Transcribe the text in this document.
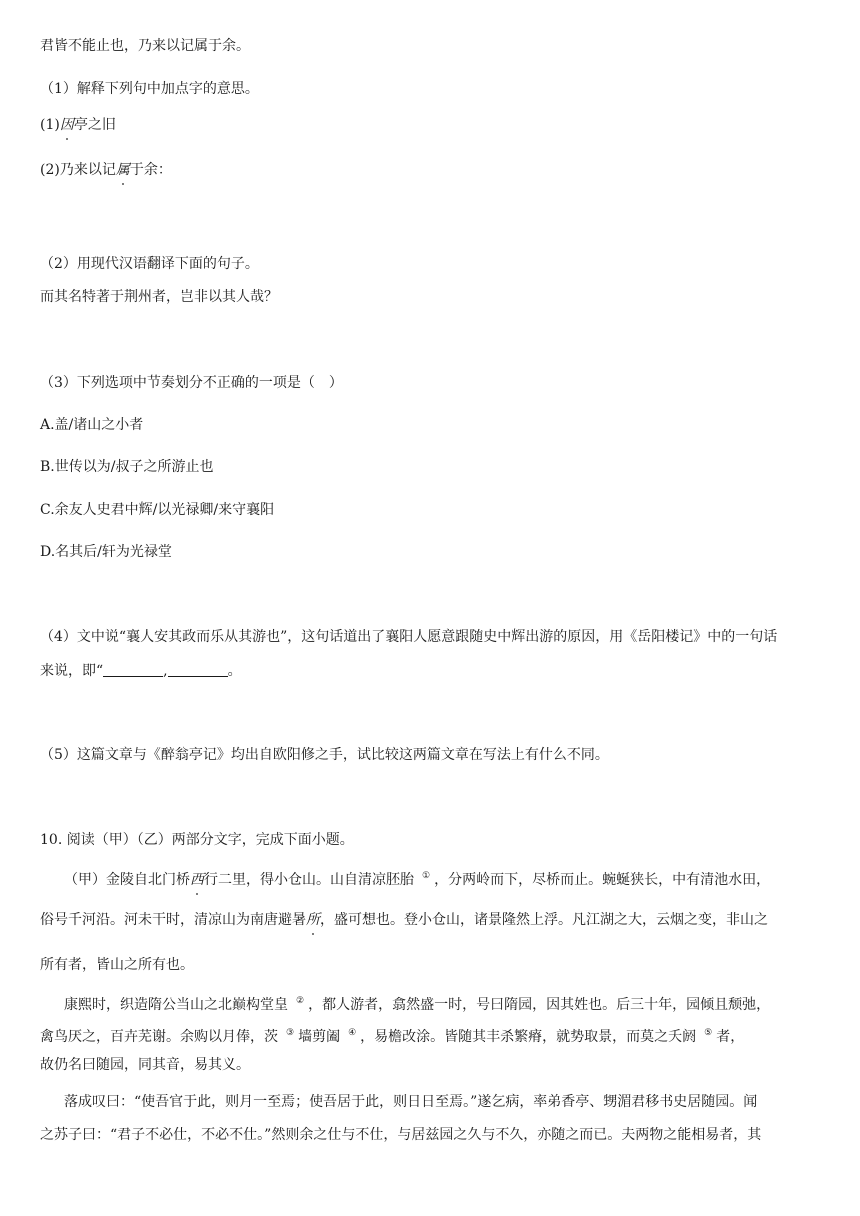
君皆不能止也，乃来以记属于余。
（1）解释下列句中加点字的意思。
(1)因亭之旧
(2)乃来以记属于余：
（2）用现代汉语翻译下面的句子。
而其名特著于荆州者，岂非以其人哉？
（3）下列选项中节奏划分不正确的一项是（　）
A.盖/诸山之小者
B.世传以为/叔子之所游止也
C.余友人史君中辉/以光禄卿/来守襄阳
D.名其后/轩为光禄堂
（4）文中说“襄人安其政而乐从其游也”，这句话道出了襄阳人愿意跟随史中辉出游的原因，用《岳阳楼记》中的一句话
来说，即“	,	。
（5）这篇文章与《醉翁亭记》均出自欧阳修之手，试比较这两篇文章在写法上有什么不同。
10. 阅读（甲）（乙）两部分文字，完成下面小题。
（甲）金陵自北门桥西行二里，得小仓山。山自清凉胚胎 ① ，分两岭而下，尽桥而止。蜿蜒狭长，中有清池水田，
俗号千河沿。河未干时，清凉山为南唐避暑所，盛可想也。登小仓山，诸景隆然上浮。凡江湖之大，云烟之变，非山之
所有者，皆山之所有也。
康熙时，织造隋公当山之北巅构堂皇 ② ，都人游者，翕然盛一时，号曰隋园，因其姓也。后三十年，园倾且颓弛，
禽鸟厌之，百卉芜谢。余购以月俸，茨 ③ 墙剪阖 ④ ，易檐改涂。皆随其丰杀繁瘠，就势取景，而莫之夭阏 ⑤ 者，
故仍名曰随园，同其音，易其义。
落成叹曰：“使吾官于此，则月一至焉；使吾居于此，则日日至焉。”遂乞病，率弟香亭、甥湄君移书史居随园。闻
之苏子曰：“君子不必仕，不必不仕。”然则余之仕与不仕，与居兹园之久与不久，亦随之而已。夫两物之能相易者，其
